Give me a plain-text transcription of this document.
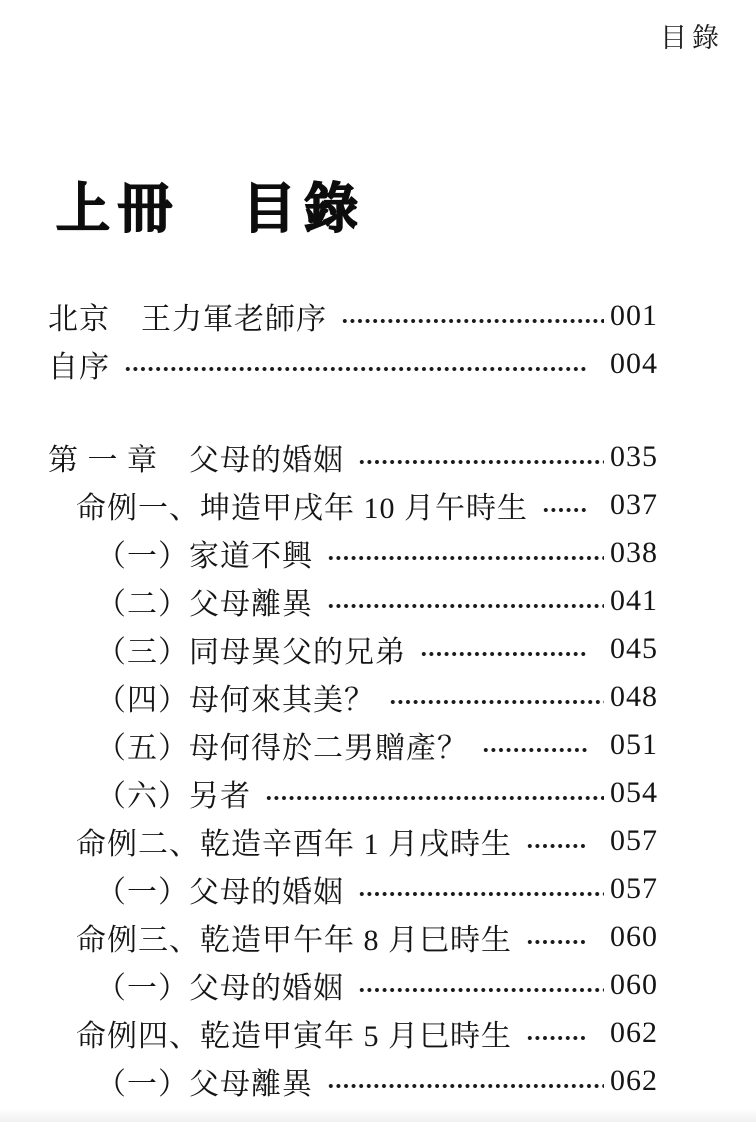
目錄
上冊　目錄
北京　王力軍老師序	001
自序	004
第 一 章　父母的婚姻	035
命例一、坤造甲戌年 10 月午時生	037
（一）家道不興	038
（二）父母離異	041
（三）同母異父的兄弟	045
（四）母何來其美？	048
（五）母何得於二男贈產？	051
（六）另者	054
命例二、乾造辛酉年 1 月戌時生	057
（一）父母的婚姻	057
命例三、乾造甲午年 8 月巳時生	060
（一）父母的婚姻	060
命例四、乾造甲寅年 5 月巳時生	062
（一）父母離異	062
